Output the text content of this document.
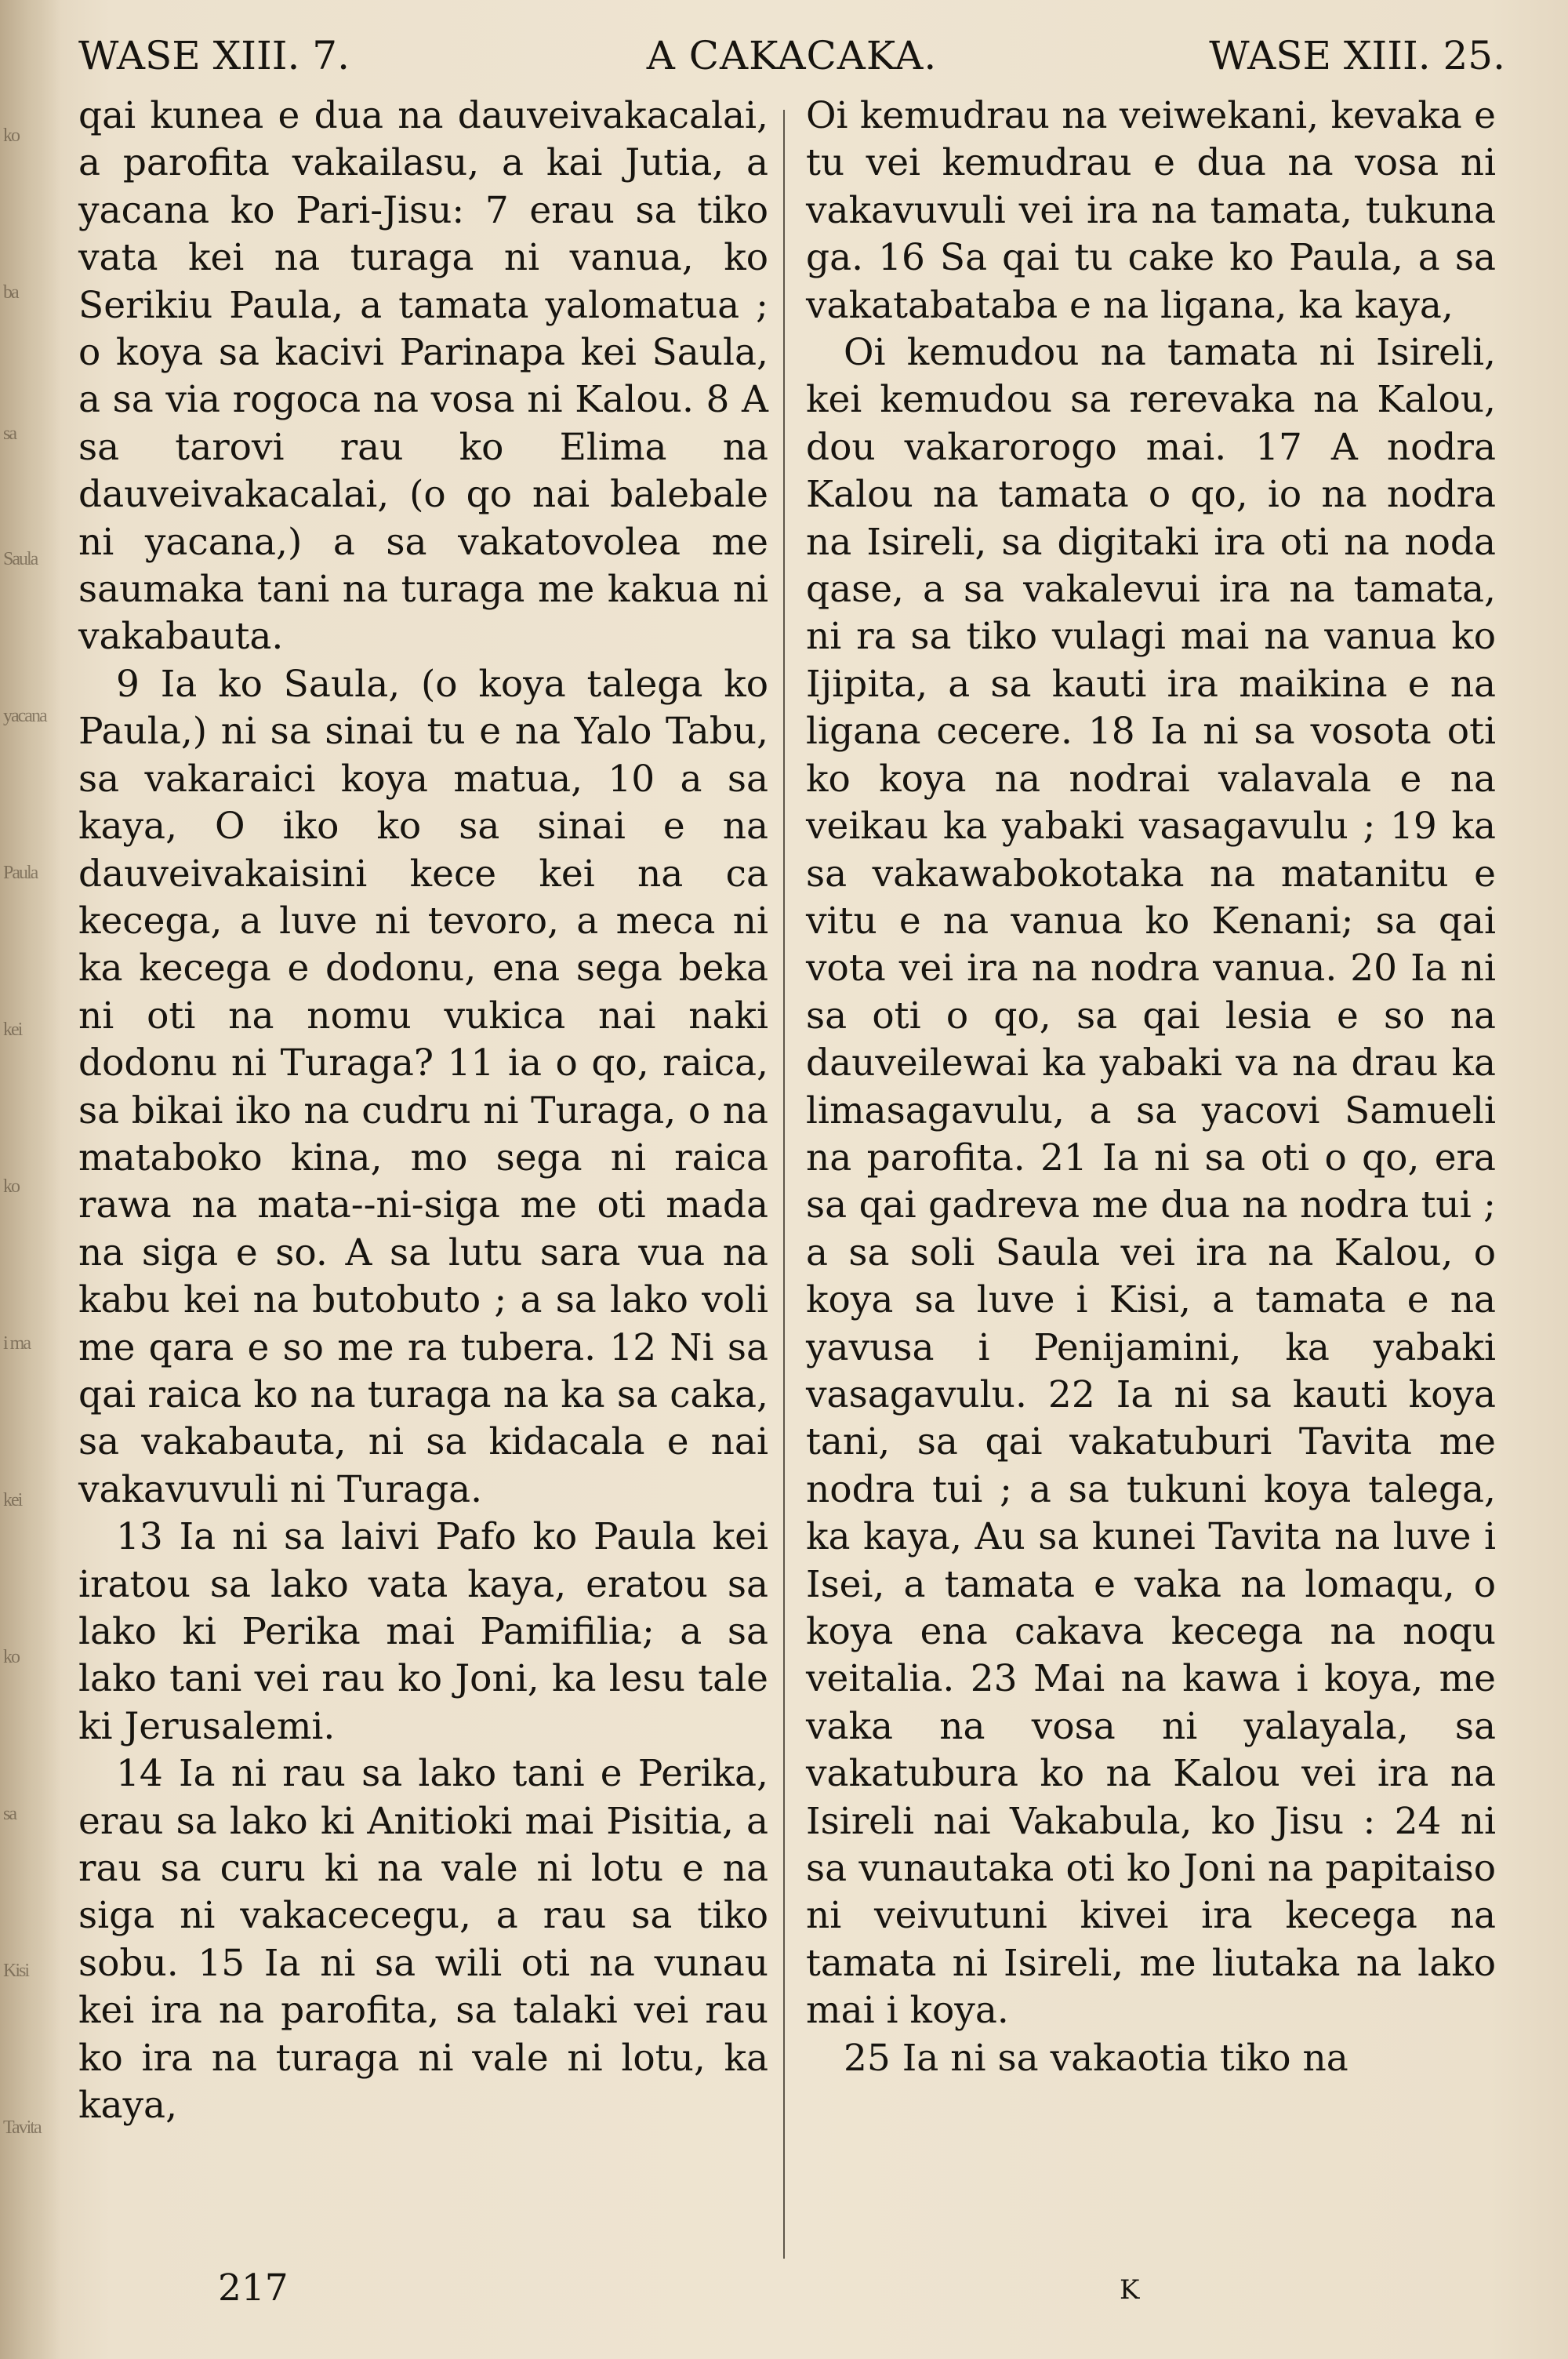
ko
ba
sa
Saula
yacana
Paula
kei
ko
i ma
kei
ko
sa
Kisi
Tavita
WASE XIII. 7.	A CAKACAKA.	WASE XIII. 25.

qai kunea e dua na dauveivakacalai, a parofita vakailasu, a kai Jutia, a yacana ko Pari-Jisu: 7 erau sa tiko vata kei na turaga ni vanua, ko Serikiu Paula, a tamata yalomatua ; o koya sa kacivi Parinapa kei Saula, a sa via rogoca na vosa ni Kalou. 8 A sa tarovi rau ko Elima na dauveivakacalai, (o qo nai balebale ni yacana,) a sa vakatovolea me saumaka tani na turaga me kakua ni vakabauta.

9 Ia ko Saula, (o koya talega ko Paula,) ni sa sinai tu e na Yalo Tabu, sa vakaraici koya matua, 10 a sa kaya, O iko ko sa sinai e na dauveivakaisini kece kei na ca kecega, a luve ni tevoro, a meca ni ka kecega e dodonu, ena sega beka ni oti na nomu vukica nai naki dodonu ni Turaga? 11 ia o qo, raica, sa bikai iko na cudru ni Turaga, o na mataboko kina, mo sega ni raica rawa na mata--ni-siga me oti mada na siga e so. A sa lutu sara vua na kabu kei na butobuto ; a sa lako voli me qara e so me ra tubera. 12 Ni sa qai raica ko na turaga na ka sa caka, sa vakabauta, ni sa kidacala e nai vakavuvuli ni Turaga.

13 Ia ni sa laivi Pafo ko Paula kei iratou sa lako vata kaya, eratou sa lako ki Perika mai Pamifilia; a sa lako tani vei rau ko Joni, ka lesu tale ki Jerusalemi.

14 Ia ni rau sa lako tani e Perika, erau sa lako ki Anitioki mai Pisitia, a rau sa curu ki na vale ni lotu e na siga ni vakacecegu, a rau sa tiko sobu. 15 Ia ni sa wili oti na vunau kei ira na parofita, sa talaki vei rau ko ira na turaga ni vale ni lotu, ka kaya,

Oi kemudrau na veiwekani, kevaka e tu vei kemudrau e dua na vosa ni vakavuvuli vei ira na tamata, tukuna ga. 16 Sa qai tu cake ko Paula, a sa vakatabataba e na ligana, ka kaya,

Oi kemudou na tamata ni Isireli, kei kemudou sa rerevaka na Kalou, dou vakarorogo mai. 17 A nodra Kalou na tamata o qo, io na nodra na Isireli, sa digitaki ira oti na noda qase, a sa vakalevui ira na tamata, ni ra sa tiko vulagi mai na vanua ko Ijipita, a sa kauti ira maikina e na ligana cecere. 18 Ia ni sa vosota oti ko koya na nodrai valavala e na veikau ka yabaki vasagavulu ; 19 ka sa vakawabokotaka na matanitu e vitu e na vanua ko Kenani; sa qai vota vei ira na nodra vanua. 20 Ia ni sa oti o qo, sa qai lesia e so na dauveilewai ka yabaki va na drau ka limasagavulu, a sa yacovi Samueli na parofita. 21 Ia ni sa oti o qo, era sa qai gadreva me dua na nodra tui ; a sa soli Saula vei ira na Kalou, o koya sa luve i Kisi, a tamata e na yavusa i Penijamini, ka yabaki vasagavulu. 22 Ia ni sa kauti koya tani, sa qai vakatuburi Tavita me nodra tui ; a sa tukuni koya talega, ka kaya, Au sa kunei Tavita na luve i Isei, a tamata e vaka na lomaqu, o koya ena cakava kecega na noqu veitalia. 23 Mai na kawa i koya, me vaka na vosa ni yalayala, sa vakatubura ko na Kalou vei ira na Isireli nai Vakabula, ko Jisu : 24 ni sa vunautaka oti ko Joni na papitaiso ni veivutuni kivei ira kecega na tamata ni Isireli, me liutaka na lako mai i koya.

25 Ia ni sa vakaotia tiko na

217	K
